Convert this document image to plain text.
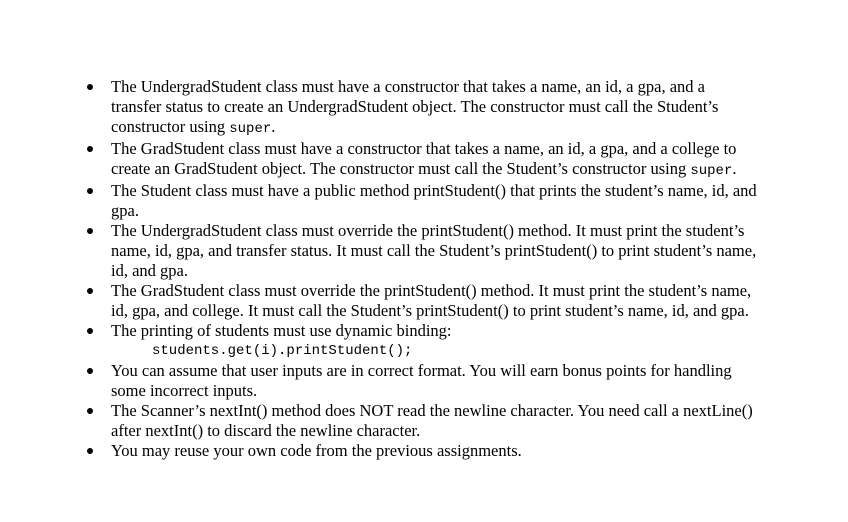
The UndergradStudent class must have a constructor that takes a name, an id, a gpa, and a transfer status to create an UndergradStudent object. The constructor must call the Student’s constructor using super.
The GradStudent class must have a constructor that takes a name, an id, a gpa, and a college to create an GradStudent object. The constructor must call the Student’s constructor using super.
The Student class must have a public method printStudent() that prints the student’s name, id, and gpa.
The UndergradStudent class must override the printStudent() method. It must print the student’s name, id, gpa, and transfer status. It must call the Student’s printStudent() to print student’s name, id, and gpa.
The GradStudent class must override the printStudent() method. It must print the student’s name, id, gpa, and college. It must call the Student’s printStudent() to print student’s name, id, and gpa.
The printing of students must use dynamic binding:
students.get(i).printStudent();
You can assume that user inputs are in correct format. You will earn bonus points for handling some incorrect inputs.
The Scanner’s nextInt() method does NOT read the newline character. You need call a nextLine() after nextInt() to discard the newline character.
You may reuse your own code from the previous assignments.
